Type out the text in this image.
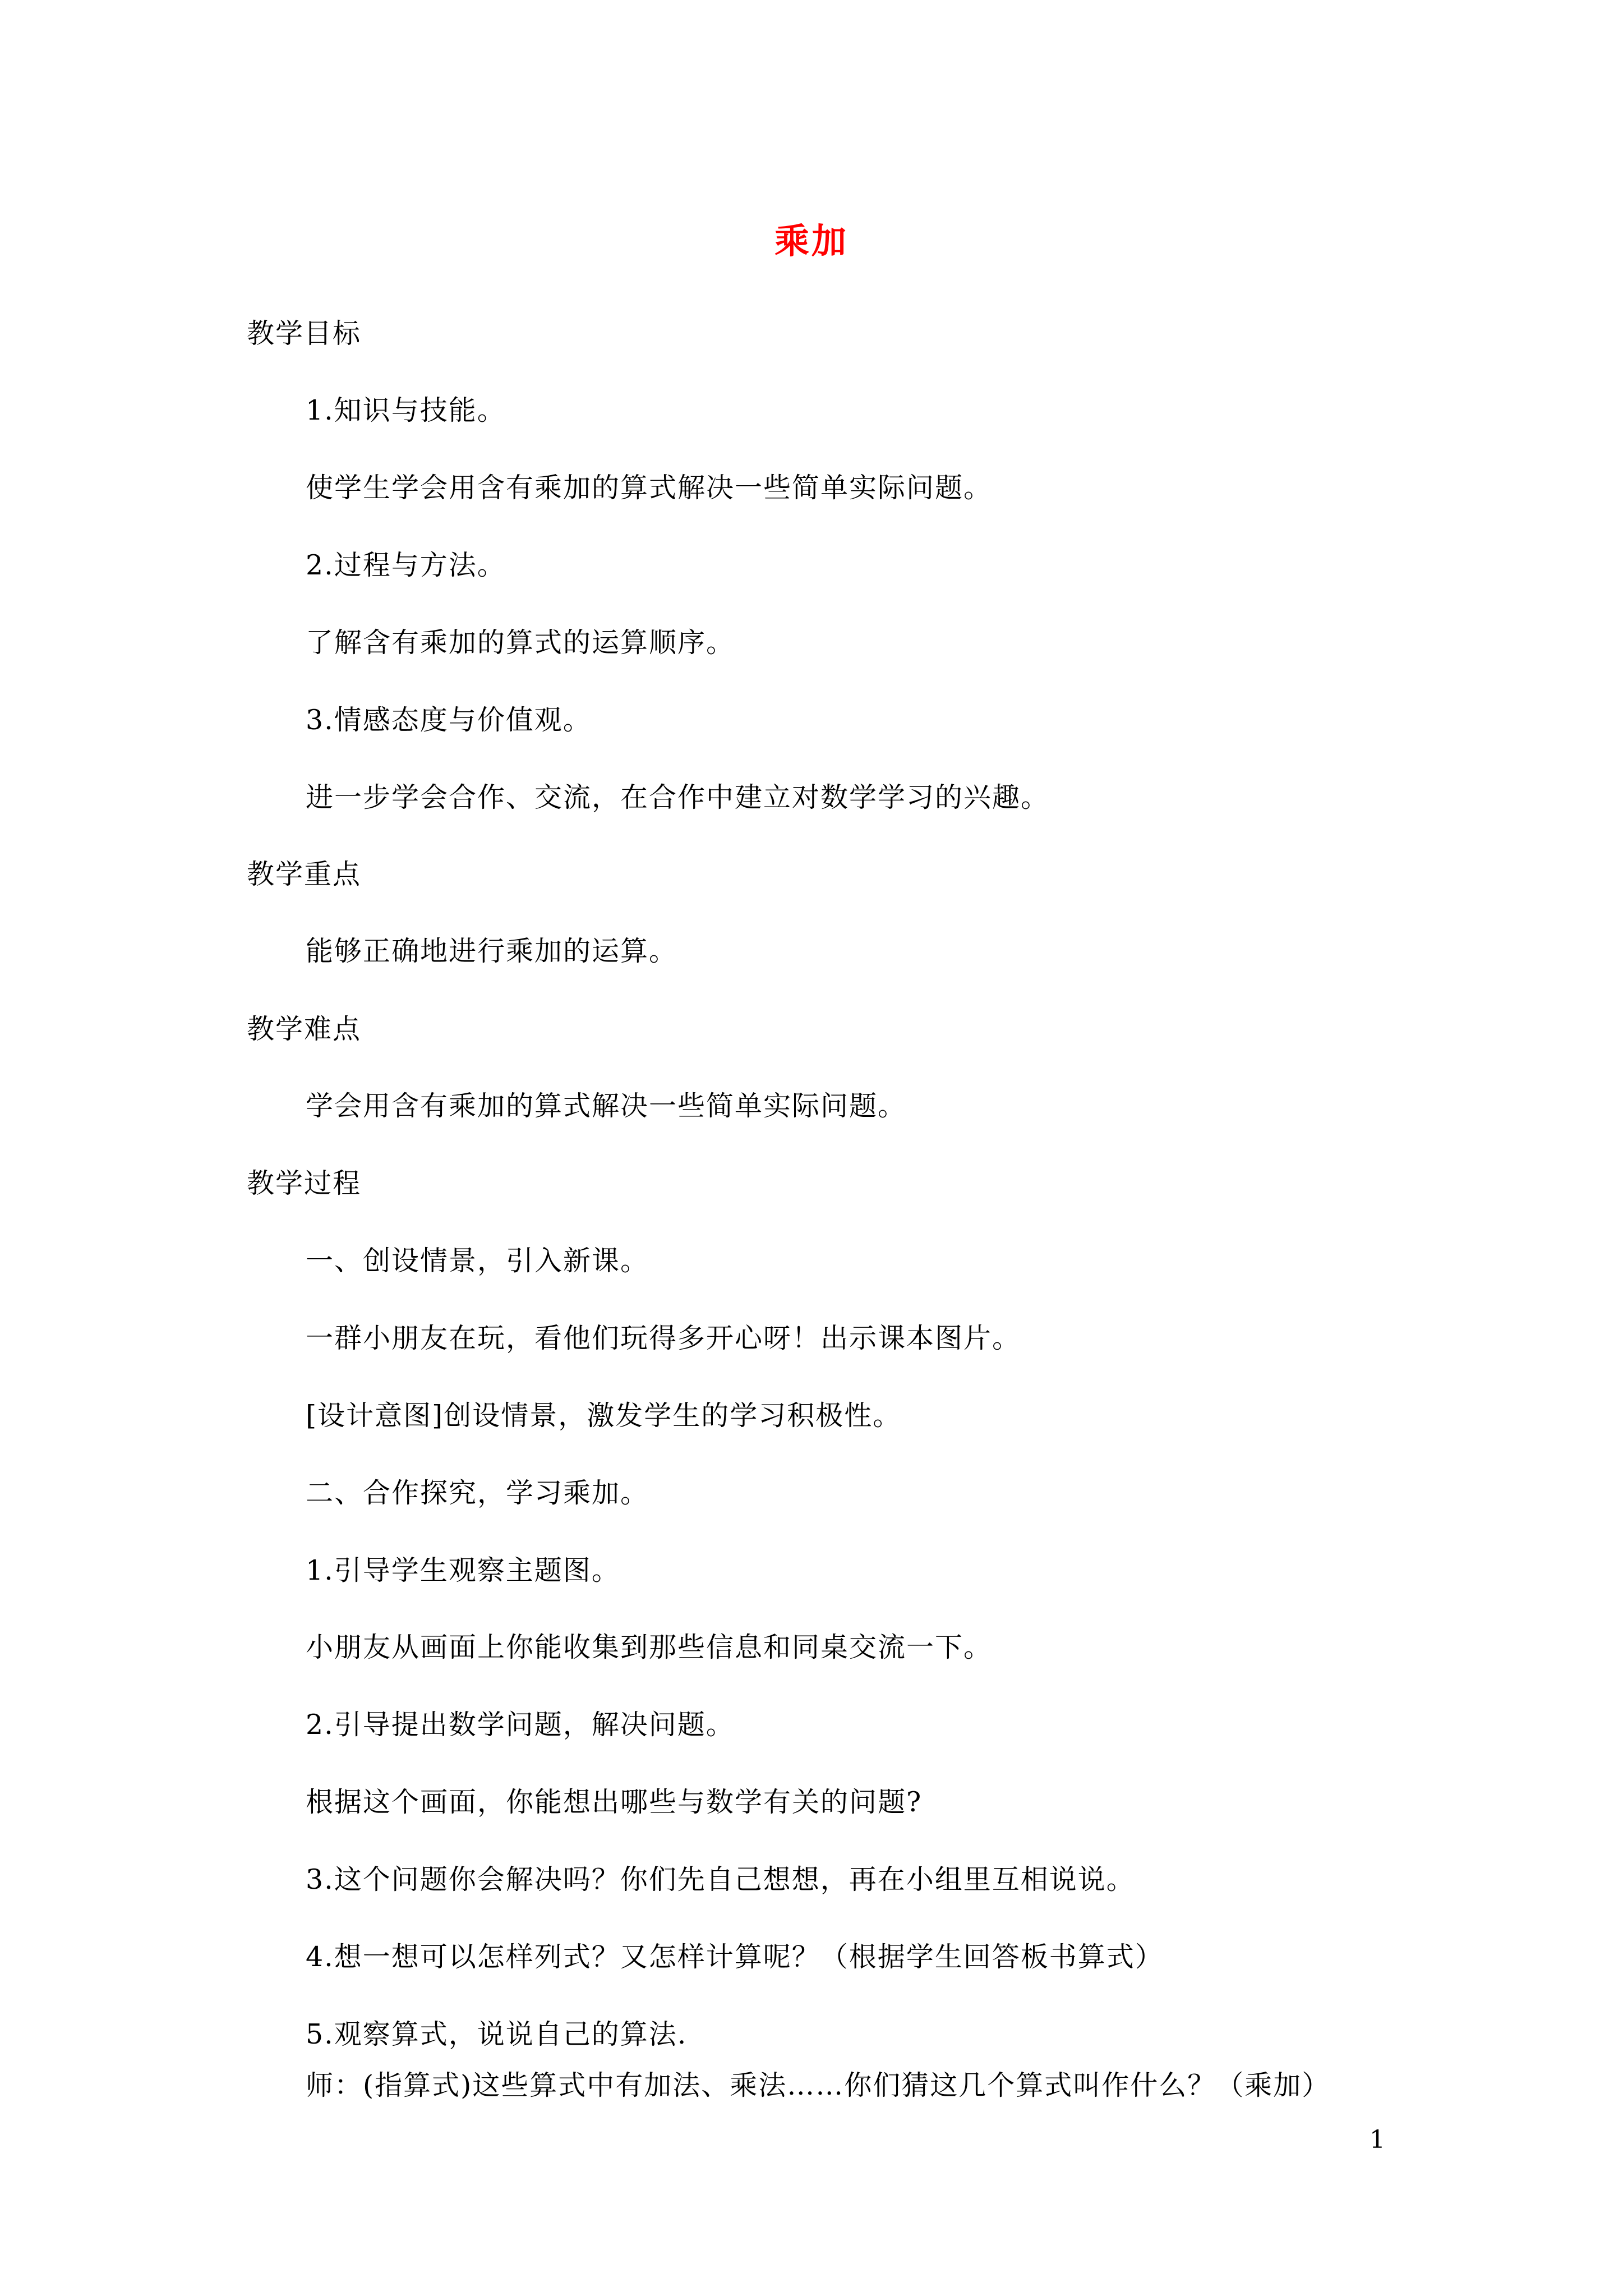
乘加
教学目标
1.知识与技能。
使学生学会用含有乘加的算式解决一些简单实际问题。
2.过程与方法。
了解含有乘加的算式的运算顺序。
3.情感态度与价值观。
进一步学会合作、交流，在合作中建立对数学学习的兴趣。
教学重点
能够正确地进行乘加的运算。
教学难点
学会用含有乘加的算式解决一些简单实际问题。
教学过程
一、创设情景，引入新课。
一群小朋友在玩，看他们玩得多开心呀！出示课本图片。
[设计意图]创设情景，激发学生的学习积极性。
二、合作探究，学习乘加。
1.引导学生观察主题图。
小朋友从画面上你能收集到那些信息和同桌交流一下。
2.引导提出数学问题，解决问题。
根据这个画面，你能想出哪些与数学有关的问题?
3.这个问题你会解决吗？你们先自己想想，再在小组里互相说说。
4.想一想可以怎样列式？又怎样计算呢？（根据学生回答板书算式）
5.观察算式，说说自己的算法.
师：(指算式)这些算式中有加法、乘法……你们猜这几个算式叫作什么？（乘加）
1
